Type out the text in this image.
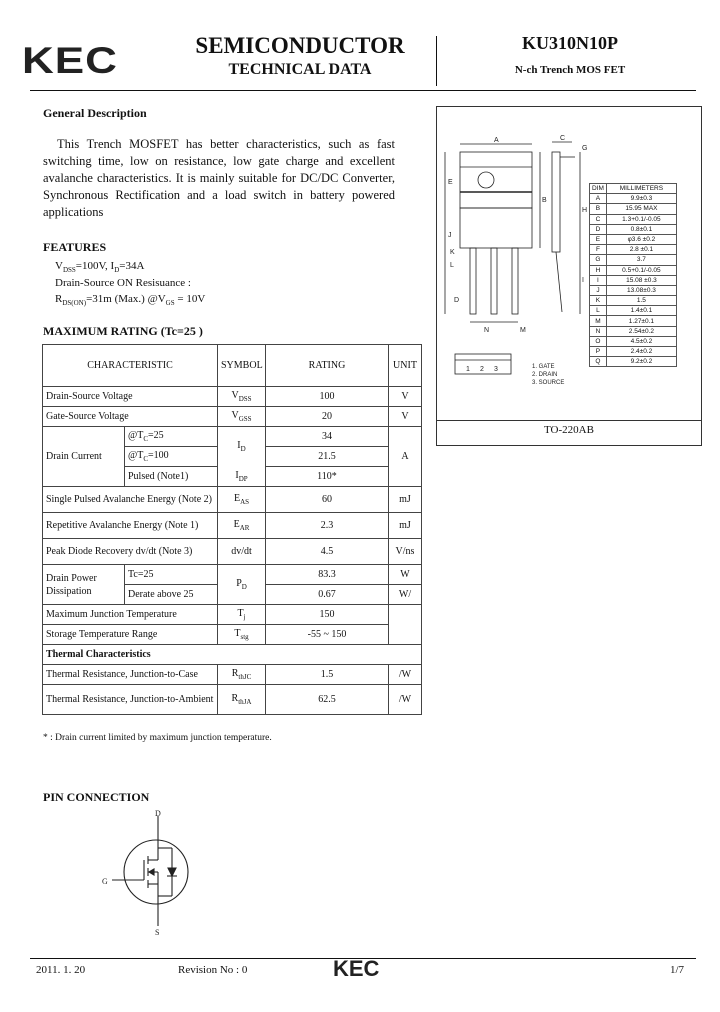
KEC	SEMICONDUCTOR
TECHNICAL DATA
KU310N10P
N-ch Trench MOS FET
General Description
This Trench MOSFET has better characteristics, such as fast switching time, low on resistance, low gate charge and excellent avalanche characteristics. It is mainly suitable for DC/DC Converter, Synchronous Rectification and a load switch in battery powered applications
FEATURES
$V_{DSS}=100V$, $I_D=34A$
Drain-Source ON Resisuance :
$R_{DS(ON)}=31m$ (Max.) $@V_{GS} = 10V$
MAXIMUM RATING (Tc=25 )
CHARACTERISTIC		SYMBOL	RATING	UNIT
Drain-Source Voltage		$V_{DSS}$	100	V
Gate-Source Voltage		$V_{GSS}$	20	V
Drain Current	$@T_C=25$	$I_D$	34	A
	$@T_C=100$		21.5	
	Pulsed (Note1)	$I_{DP}$	110*	
Single Pulsed Avalanche Energy (Note 2)		$E_{AS}$	60	mJ
Repetitive Avalanche Energy (Note 1)		$E_{AR}$	2.3	mJ
Peak Diode Recovery dv/dt (Note 3)		dv/dt	4.5	V/ns
Drain Power Dissipation	Tc=25	$P_D$	83.3	W
	Derate above 25		0.67	W/
Maximum Junction Temperature		$T_j$	150	
Storage Temperature Range		$T_{stg}$	-55 ~ 150	
Thermal Characteristics				
Thermal Resistance, Junction-to-Case		$R_{thJC}$	1.5	/W
Thermal Resistance, Junction-to-Ambient		$R_{thJA}$	62.5	/W
* : Drain current limited by maximum junction temperature.
A	C
E
B
J
K
L
D
N	M
G
H
I
1 2 3	1. GATE
2. DRAIN
3. SOURCE
DIM	MILLIMETERS
A	9.9±0.3
B	15.95 MAX
C	1.3+0.1/-0.05
D	0.8±0.1
E	φ3.6 ±0.2
F	2.8 ±0.1
G	3.7
H	0.5+0.1/-0.05
I	15.08 ±0.3
J	13.08±0.3
K	1.5
L	1.4±0.1
M	1.27±0.1
N	2.54±0.2
O	4.5±0.2
P	2.4±0.2
Q	9.2±0.2
TO-220AB
PIN CONNECTION
D
G
S
2011. 1. 20	Revision No : 0	KEC	1/7
